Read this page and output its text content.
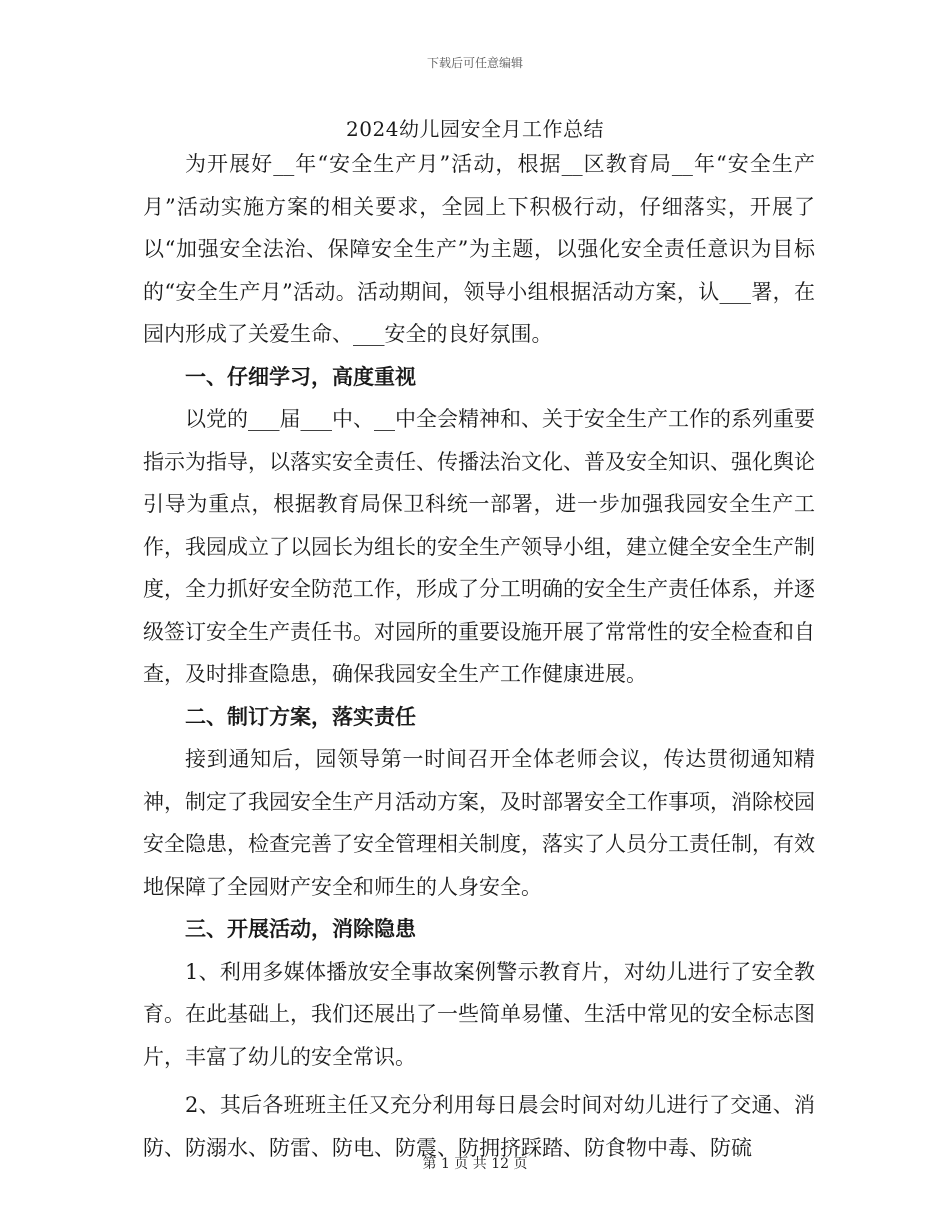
下载后可任意编辑
2024幼儿园安全月工作总结

为开展好__年“安全生产月”活动，根据__区教育局__年“安全生产月”活动实施方案的相关要求，全园上下积极行动，仔细落实，开展了以“加强安全法治、保障安全生产”为主题，以强化安全责任意识为目标的“安全生产月”活动。活动期间，领导小组根据活动方案，认___署，在园内形成了关爱生命、___安全的良好氛围。

一、仔细学习，高度重视

以党的___届___中、__中全会精神和、关于安全生产工作的系列重要指示为指导，以落实安全责任、传播法治文化、普及安全知识、强化舆论引导为重点，根据教育局保卫科统一部署，进一步加强我园安全生产工作，我园成立了以园长为组长的安全生产领导小组，建立健全安全生产制度，全力抓好安全防范工作，形成了分工明确的安全生产责任体系，并逐级签订安全生产责任书。对园所的重要设施开展了常常性的安全检查和自查，及时排查隐患，确保我园安全生产工作健康进展。

二、制订方案，落实责任

接到通知后，园领导第一时间召开全体老师会议，传达贯彻通知精神，制定了我园安全生产月活动方案，及时部署安全工作事项，消除校园安全隐患，检查完善了安全管理相关制度，落实了人员分工责任制，有效地保障了全园财产安全和师生的人身安全。

三、开展活动，消除隐患

1、利用多媒体播放安全事故案例警示教育片，对幼儿进行了安全教育。在此基础上，我们还展出了一些简单易懂、生活中常见的安全标志图片，丰富了幼儿的安全常识。

2、其后各班班主任又充分利用每日晨会时间对幼儿进行了交通、消防、防溺水、防雷、防电、防震、防拥挤踩踏、防食物中毒、防硫

第 1 页 共 12 页
